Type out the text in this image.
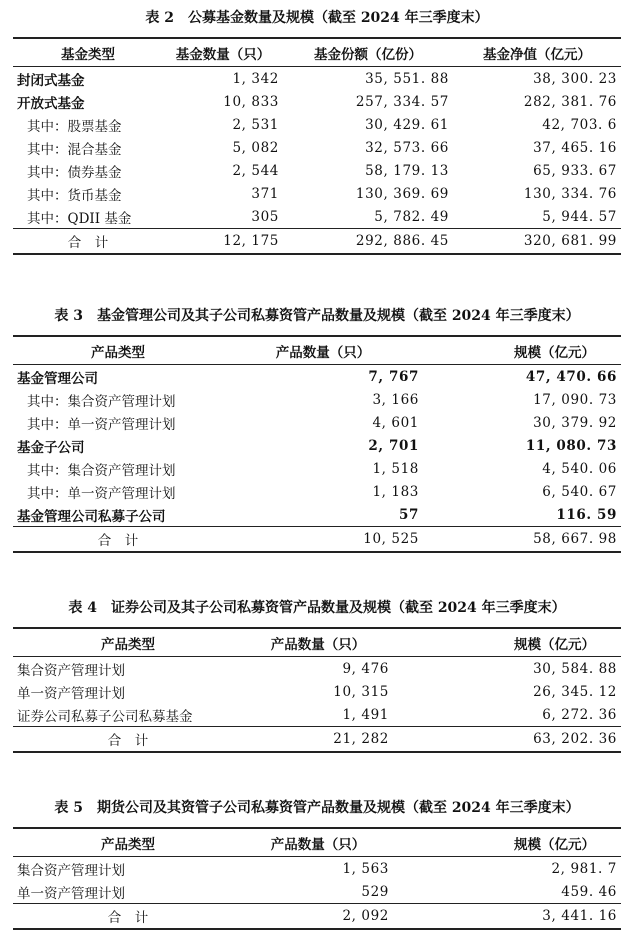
表 2　公募基金数量及规模（截至 2024 年三季度末）
基金类型	基金数量（只）	基金份额（亿份）	基金净值（亿元）
封闭式基金	1, 342	35, 551. 88	38, 300. 23
开放式基金	10, 833	257, 334. 57	282, 381. 76
其中：股票基金	2, 531	30, 429. 61	42, 703. 6
其中：混合基金	5, 082	32, 573. 66	37, 465. 16
其中：债券基金	2, 544	58, 179. 13	65, 933. 67
其中：货币基金	371	130, 369. 69	130, 334. 76
其中：QDII 基金	305	5, 782. 49	5, 944. 57
合　计	12, 175	292, 886. 45	320, 681. 99
表 3　基金管理公司及其子公司私募资管产品数量及规模（截至 2024 年三季度末）
产品类型	产品数量（只）	规模（亿元）
基金管理公司	7, 767	47, 470. 66
其中：集合资产管理计划	3, 166	17, 090. 73
其中：单一资产管理计划	4, 601	30, 379. 92
基金子公司	2, 701	11, 080. 73
其中：集合资产管理计划	1, 518	4, 540. 06
其中：单一资产管理计划	1, 183	6, 540. 67
基金管理公司私募子公司	57	116. 59
合　计	10, 525	58, 667. 98
表 4　证券公司及其子公司私募资管产品数量及规模（截至 2024 年三季度末）
产品类型	产品数量（只）	规模（亿元）
集合资产管理计划	9, 476	30, 584. 88
单一资产管理计划	10, 315	26, 345. 12
证券公司私募子公司私募基金	1, 491	6, 272. 36
合　计	21, 282	63, 202. 36
表 5　期货公司及其资管子公司私募资管产品数量及规模（截至 2024 年三季度末）
产品类型	产品数量（只）	规模（亿元）
集合资产管理计划	1, 563	2, 981. 7
单一资产管理计划	529	459. 46
合　计	2, 092	3, 441. 16
